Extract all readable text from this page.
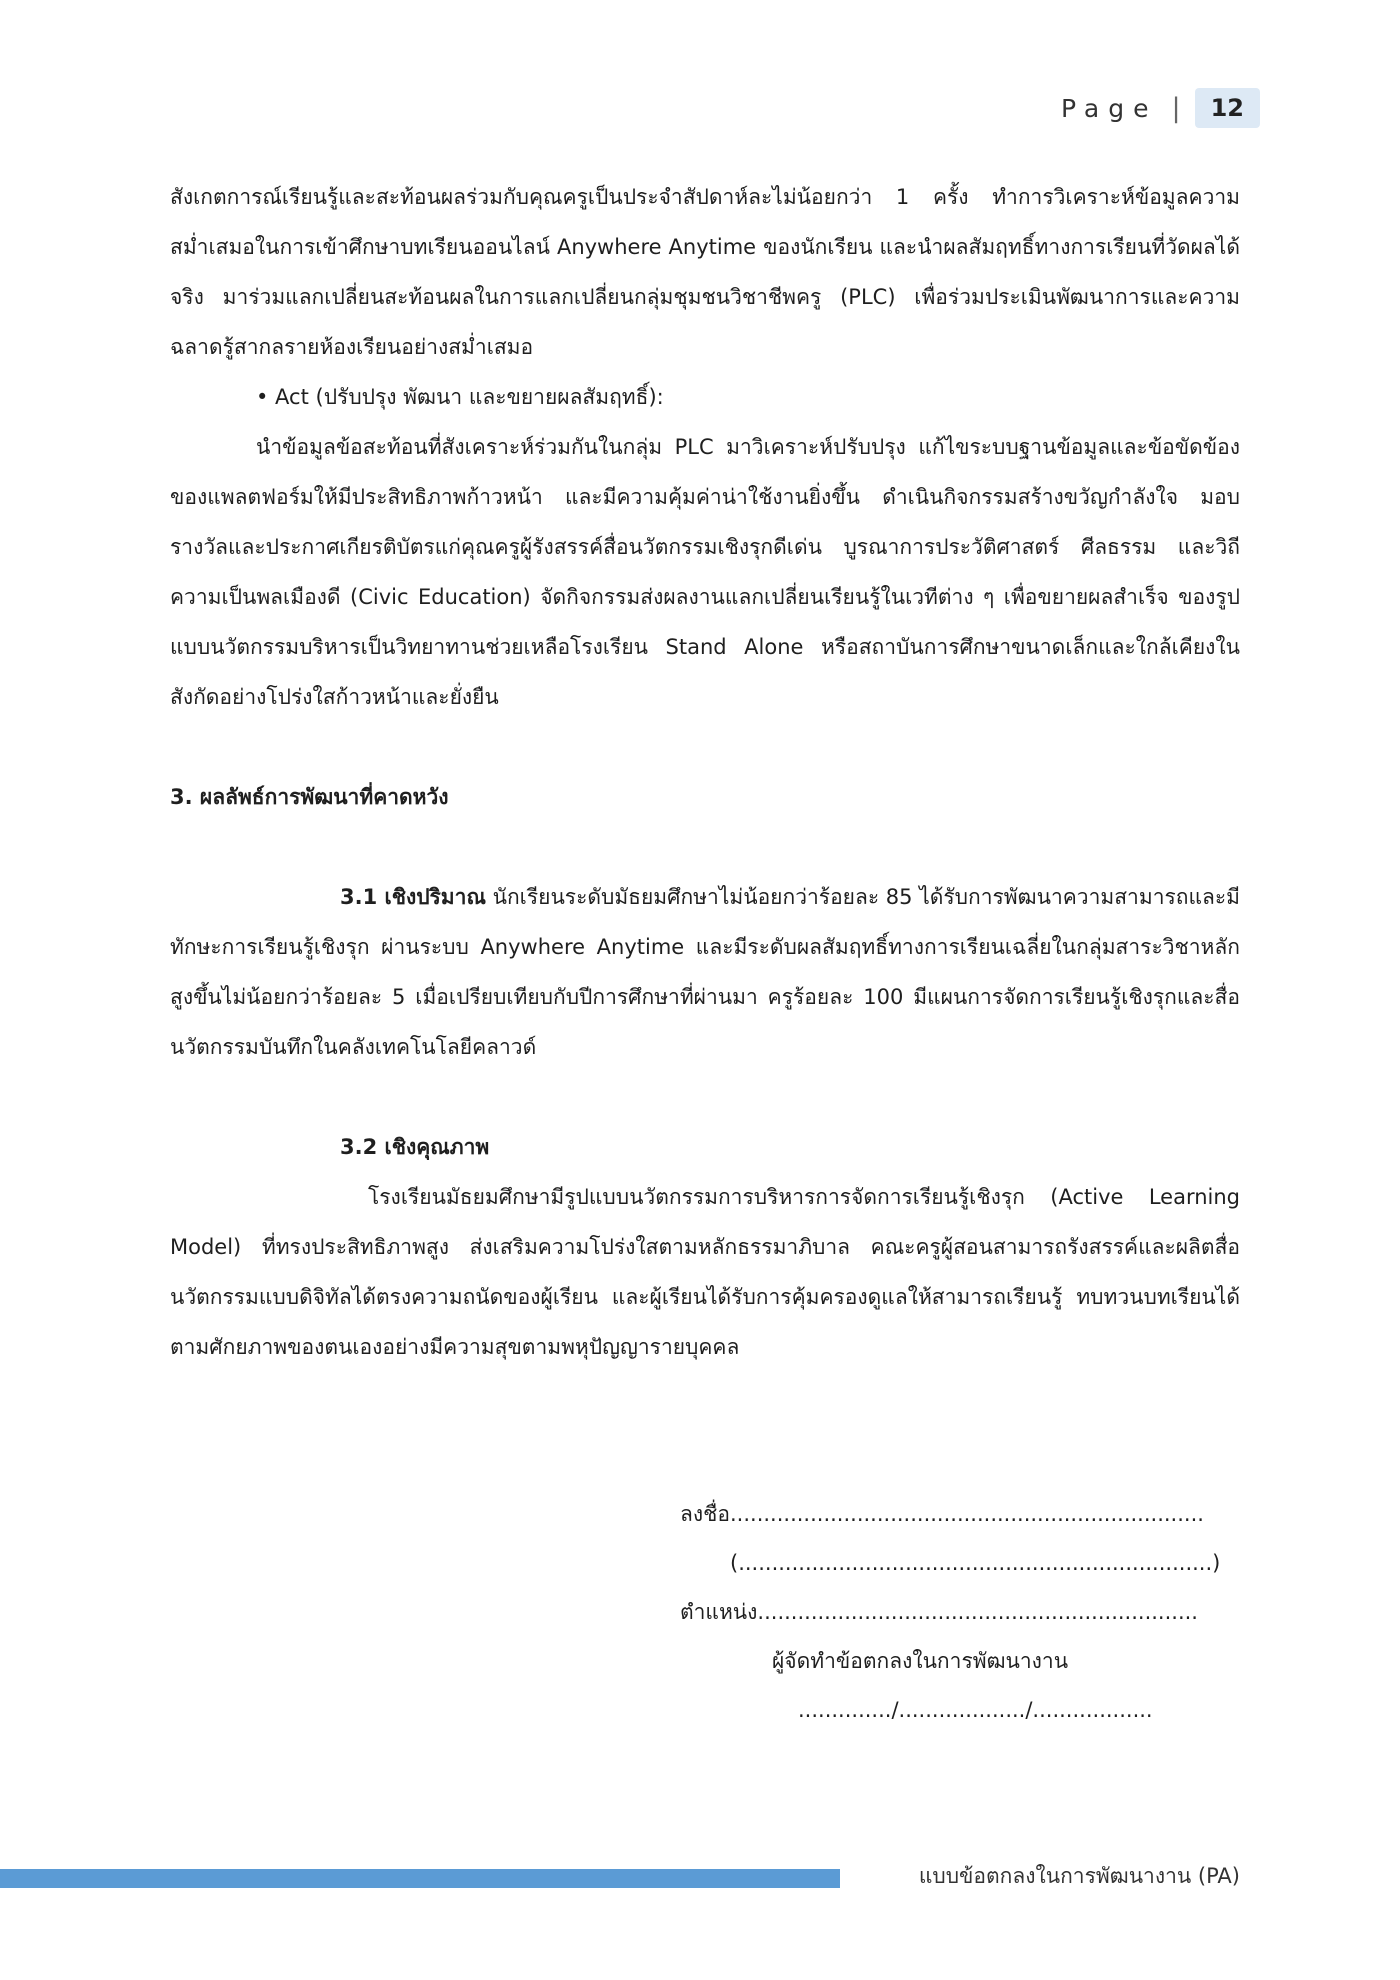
Page |	12

สังเกตการณ์เรียนรู้และสะท้อนผลร่วมกับคุณครูเป็นประจำสัปดาห์ละไม่น้อยกว่า 1 ครั้ง ทำการวิเคราะห์ข้อมูลความสม่ำเสมอในการเข้าศึกษาบทเรียนออนไลน์ Anywhere Anytime ของนักเรียน และนำผลสัมฤทธิ์ทางการเรียนที่วัดผลได้จริง มาร่วมแลกเปลี่ยนสะท้อนผลในการแลกเปลี่ยนกลุ่มชุมชนวิชาชีพครู (PLC) เพื่อร่วมประเมินพัฒนาการและความฉลาดรู้สากลรายห้องเรียนอย่างสม่ำเสมอ

• Act (ปรับปรุง พัฒนา และขยายผลสัมฤทธิ์):

นำข้อมูลข้อสะท้อนที่สังเคราะห์ร่วมกันในกลุ่ม PLC มาวิเคราะห์ปรับปรุง แก้ไขระบบฐานข้อมูลและข้อขัดข้องของแพลตฟอร์มให้มีประสิทธิภาพก้าวหน้า และมีความคุ้มค่าน่าใช้งานยิ่งขึ้น ดำเนินกิจกรรมสร้างขวัญกำลังใจ มอบรางวัลและประกาศเกียรติบัตรแก่คุณครูผู้รังสรรค์สื่อนวัตกรรมเชิงรุกดีเด่น บูรณาการประวัติศาสตร์ ศีลธรรม และวิถีความเป็นพลเมืองดี (Civic Education) จัดกิจกรรมส่งผลงานแลกเปลี่ยนเรียนรู้ในเวทีต่าง ๆ เพื่อขยายผลสำเร็จ ของรูปแบบนวัตกรรมบริหารเป็นวิทยาทานช่วยเหลือโรงเรียน Stand Alone หรือสถาบันการศึกษาขนาดเล็กและใกล้เคียงในสังกัดอย่างโปร่งใสก้าวหน้าและยั่งยืน

3. ผลลัพธ์การพัฒนาที่คาดหวัง

3.1 เชิงปริมาณ นักเรียนระดับมัธยมศึกษาไม่น้อยกว่าร้อยละ 85 ได้รับการพัฒนาความสามารถและมีทักษะการเรียนรู้เชิงรุก ผ่านระบบ Anywhere Anytime และมีระดับผลสัมฤทธิ์ทางการเรียนเฉลี่ยในกลุ่มสาระวิชาหลักสูงขึ้นไม่น้อยกว่าร้อยละ 5 เมื่อเปรียบเทียบกับปีการศึกษาที่ผ่านมา ครูร้อยละ 100 มีแผนการจัดการเรียนรู้เชิงรุกและสื่อนวัตกรรมบันทึกในคลังเทคโนโลยีคลาวด์

3.2 เชิงคุณภาพ

โรงเรียนมัธยมศึกษามีรูปแบบนวัตกรรมการบริหารการจัดการเรียนรู้เชิงรุก (Active Learning Model) ที่ทรงประสิทธิภาพสูง ส่งเสริมความโปร่งใสตามหลักธรรมาภิบาล คณะครูผู้สอนสามารถรังสรรค์และผลิตสื่อนวัตกรรมแบบดิจิทัลได้ตรงความถนัดของผู้เรียน และผู้เรียนได้รับการคุ้มครองดูแลให้สามารถเรียนรู้ ทบทวนบทเรียนได้ตามศักยภาพของตนเองอย่างมีความสุขตามพหุปัญญารายบุคคล

ลงชื่อ.......................................................................
(.......................................................................)
ตำแหน่ง..................................................................
ผู้จัดทำข้อตกลงในการพัฒนางาน
............../.................../..................
แบบข้อตกลงในการพัฒนางาน (PA)
